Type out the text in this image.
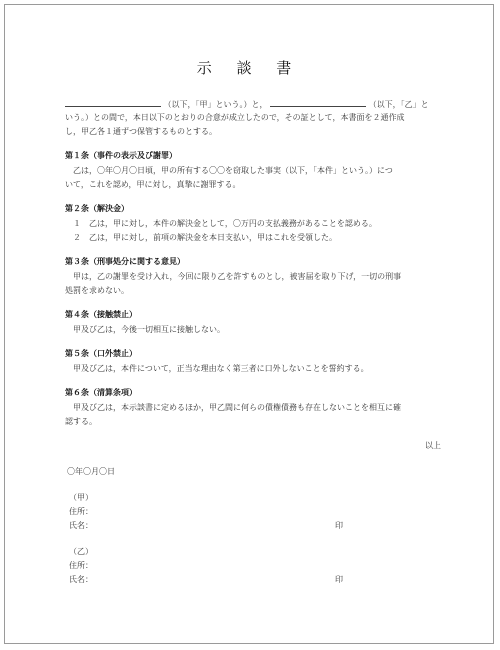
示 談 書
（以下，「甲」という。）と，	（以下，「乙」と
いう。）との間で，本日以下のとおりの合意が成立したので，その証として，本書面を２通作成
し，甲乙各１通ずつ保管するものとする。
第１条（事件の表示及び謝罪）
　乙は，〇年〇月〇日頃，甲の所有する〇〇を窃取した事実（以下，「本件」という。）につ
いて，これを認め，甲に対し，真摯に謝罪する。
第２条（解決金）
　１　乙は，甲に対し，本件の解決金として，〇万円の支払義務があることを認める。
　２　乙は，甲に対し，前項の解決金を本日支払い，甲はこれを受領した。
第３条（刑事処分に関する意見）
　甲は，乙の謝罪を受け入れ，今回に限り乙を許すものとし，被害届を取り下げ，一切の刑事
処罰を求めない。
第４条（接触禁止）
　甲及び乙は，今後一切相互に接触しない。
第５条（口外禁止）
　甲及び乙は，本件について，正当な理由なく第三者に口外しないことを誓約する。
第６条（清算条項）
　甲及び乙は，本示談書に定めるほか，甲乙間に何らの債権債務も存在しないことを相互に確
認する。
以上
〇年〇月〇日
（甲）
住所：
氏名：	印
（乙）
住所：
氏名：	印
